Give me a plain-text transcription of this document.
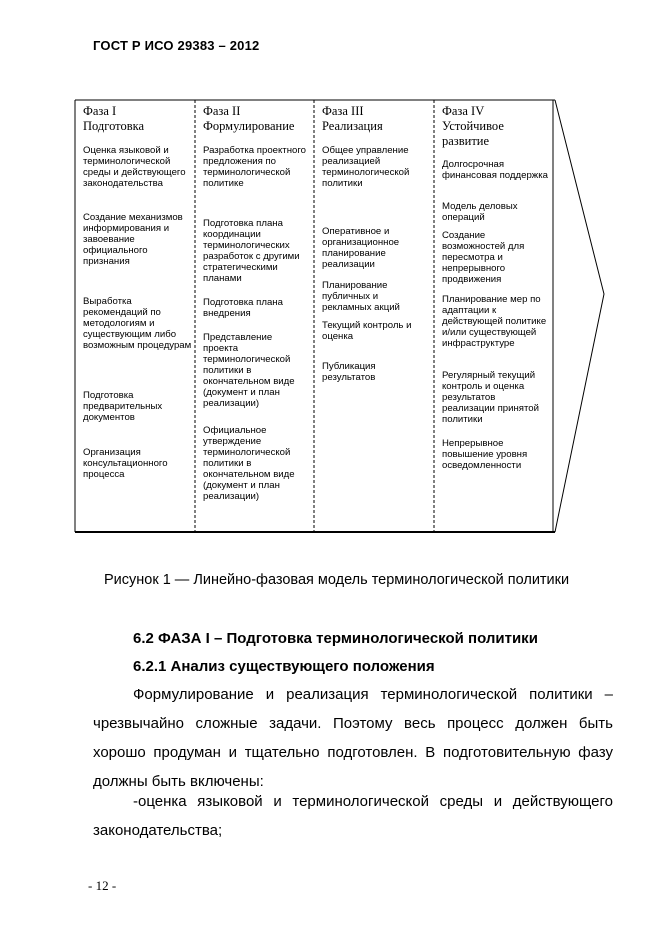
ГОСТ Р ИСО 29383 – 2012
Фаза I
Подготовка
Оценка языковой и терминологической среды и действующего законодательства
Создание механизмов информирования и завоевание официального признания
Выработка рекомендаций по методологиям и существующим либо возможным процедурам
Подготовка предварительных документов
Организация консультационного процесса
Фаза II
Формулирование
Разработка проектного предложения по терминологической политике
Подготовка плана координации терминологических разработок с другими стратегическими планами
Подготовка плана внедрения
Представление проекта терминологической политики в окончательном виде (документ и план реализации)
Официальное утверждение терминологической политики в окончательном виде (документ и план реализации)
Фаза III
Реализация
Общее управление реализацией терминологической политики
Оперативное и организационное планирование реализации
Планирование публичных и рекламных акций
Текущий контроль и оценка
Публикация результатов
Фаза IV
Устойчивое развитие
Долгосрочная финансовая поддержка
Модель деловых операций
Создание возможностей для пересмотра и непрерывного продвижения
Планирование мер по адаптации к действующей политике и/или существующей инфраструктуре
Регулярный текущий контроль и оценка результатов реализации принятой политики
Непрерывное повышение уровня осведомленности
Рисунок 1 — Линейно-фазовая модель терминологической политики
6.2 ФАЗА I – Подготовка терминологической политики
6.2.1 Анализ существующего положения
Формулирование и реализация терминологической политики – чрезвычайно сложные задачи. Поэтому весь процесс должен быть хорошо продуман и тщательно подготовлен. В подготовительную фазу должны быть включены:
-оценка языковой и терминологической среды и действующего законодательства;
- 12 -
